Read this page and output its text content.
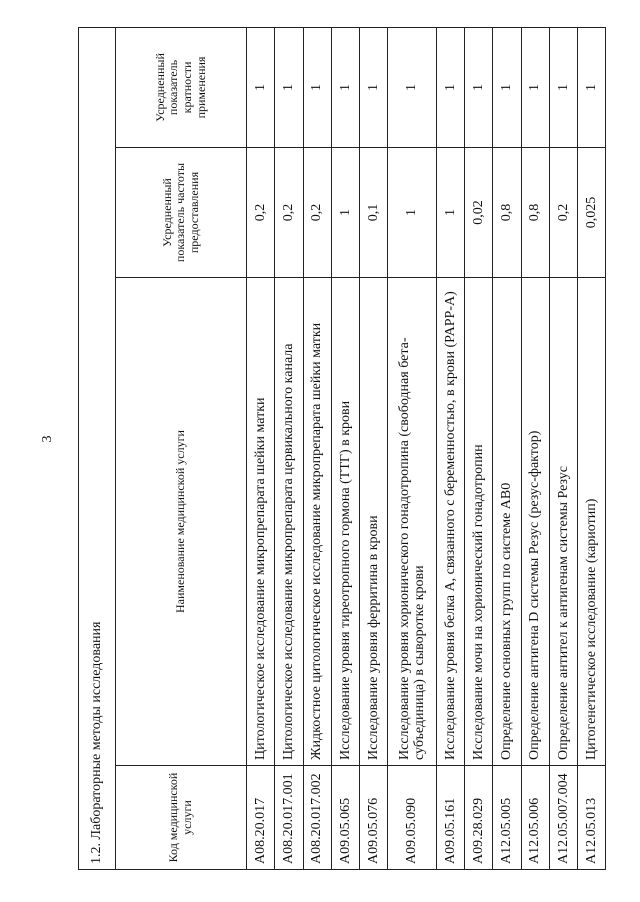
3
1.2. Лабораторные методы исследования			
Код медицинской услуги	Наименование медицинской услуги	Усредненный показатель частоты предоставления	Усредненный показатель кратности применения
A08.20.017	Цитологическое исследование микропрепарата шейки матки	0,2	1
A08.20.017.001	Цитологическое исследование микропрепарата цервикального канала	0,2	1
A08.20.017.002	Жидкостное цитологическое исследование микропрепарата шейки матки	0,2	1
A09.05.065	Исследование уровня тиреотропного гормона (ТТГ) в крови	1	1
A09.05.076	Исследование уровня ферритина в крови	0,1	1
A09.05.090	Исследование уровня хорионического гонадотропина (свободная бета-субъединица) в сыворотке крови	1	1
A09.05.161	Исследование уровня белка A, связанного с беременностью, в крови (PAPP-A)	1	1
A09.28.029	Исследование мочи на хорионический гонадотропин	0,02	1
A12.05.005	Определение основных групп по системе AB0	0,8	1
A12.05.006	Определение антигена D системы Резус (резус-фактор)	0,8	1
A12.05.007.004	Определение антител к антигенам системы Резус	0,2	1
A12.05.013	Цитогенетическое исследование (кариотип)	0,025	1
